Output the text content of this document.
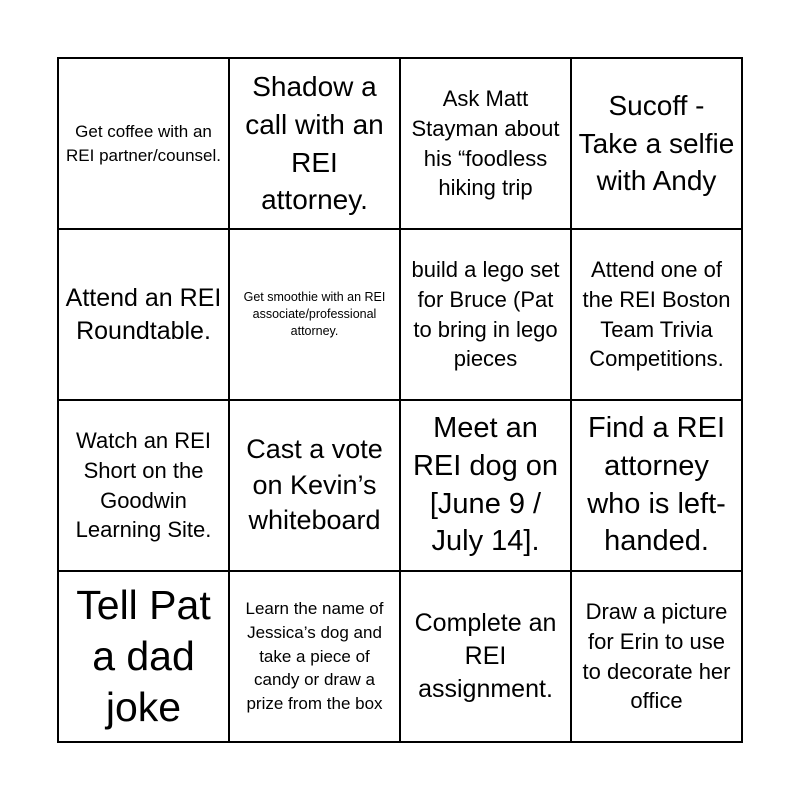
Get coffee with an REI partner/counsel.
Shadow a call with an REI attorney.
Ask Matt Stayman about his “foodless hiking trip
Sucoff - Take a selfie with Andy
Attend an REI Roundtable.
Get smoothie with an REI associate/professional attorney.
build a lego set for Bruce (Pat to bring in lego pieces
Attend one of the REI Boston Team Trivia Competitions.
Watch an REI Short on the Goodwin Learning Site.
Cast a vote on Kevin’s whiteboard
Meet an REI dog on [June 9 / July 14].
Find a REI attorney who is left-handed.
Tell Pat a dad joke
Learn the name of Jessica’s dog and take a piece of candy or draw a prize from the box
Complete an REI assignment.
Draw a picture for Erin to use to decorate her office
